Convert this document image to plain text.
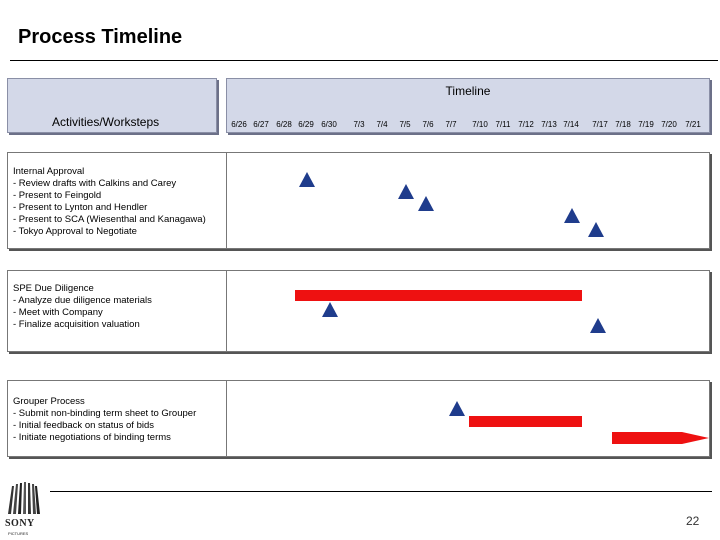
Process Timeline
Activities/Worksteps
Timeline
6/26 6/27 6/28 6/29 6/30	7/3	7/4	7/5	7/6	7/7	7/10 7/11 7/12 7/13 7/14	7/17 7/18 7/19 7/20	7/21
Internal Approval
- Review drafts with Calkins and Carey
- Present to Feingold
- Present to Lynton and Hendler
- Present to SCA (Wiesenthal and Kanagawa)
- Tokyo Approval to Negotiate
SPE Due Diligence
- Analyze due diligence materials
- Meet with Company
- Finalize acquisition valuation
Grouper Process
- Submit non-binding term sheet to Grouper
- Initial feedback on status of bids
- Initiate negotiations of binding terms
SONY
PICTURES
22
